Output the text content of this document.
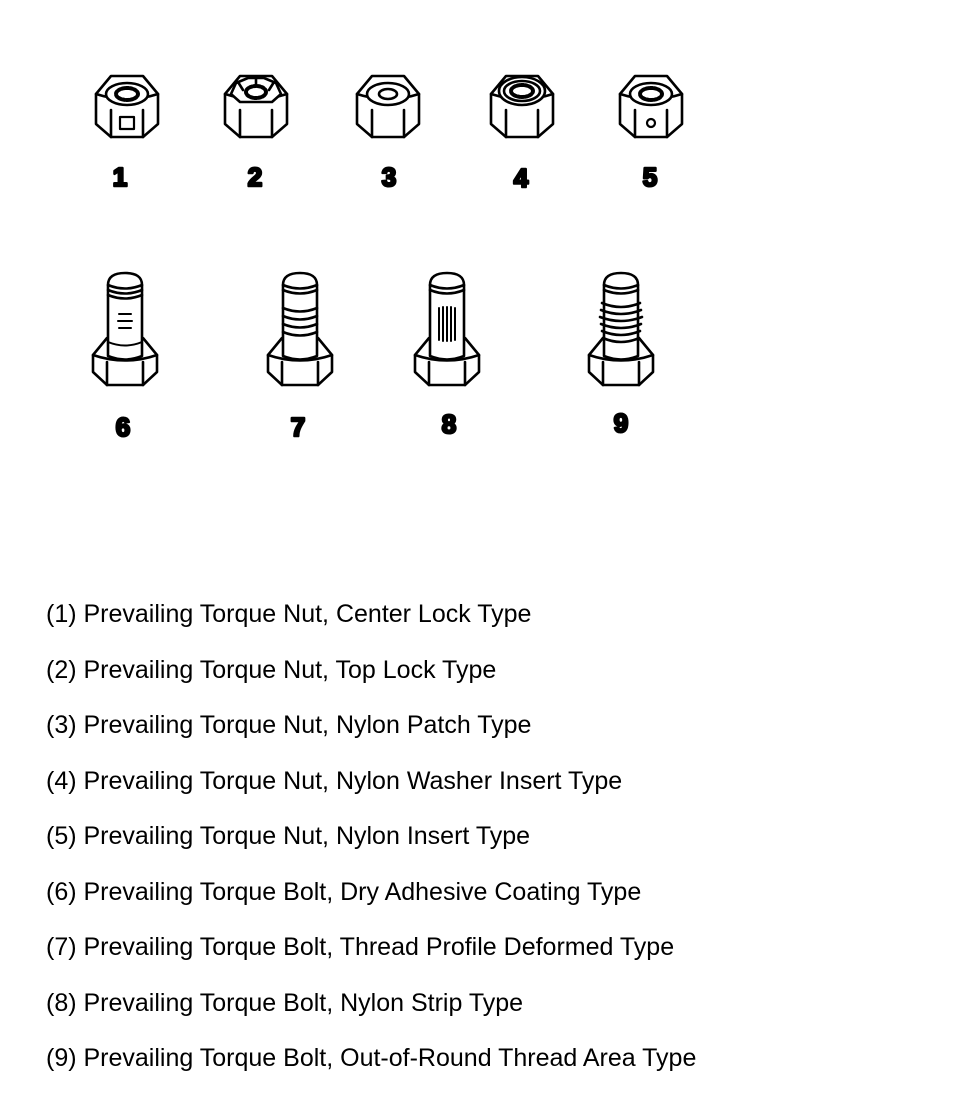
1	2	3	4	5
6	7	8	9
(1) Prevailing Torque Nut, Center Lock Type
(2) Prevailing Torque Nut, Top Lock Type
(3) Prevailing Torque Nut, Nylon Patch Type
(4) Prevailing Torque Nut, Nylon Washer Insert Type
(5) Prevailing Torque Nut, Nylon Insert Type
(6) Prevailing Torque Bolt, Dry Adhesive Coating Type
(7) Prevailing Torque Bolt, Thread Profile Deformed Type
(8) Prevailing Torque Bolt, Nylon Strip Type
(9) Prevailing Torque Bolt, Out-of-Round Thread Area Type
